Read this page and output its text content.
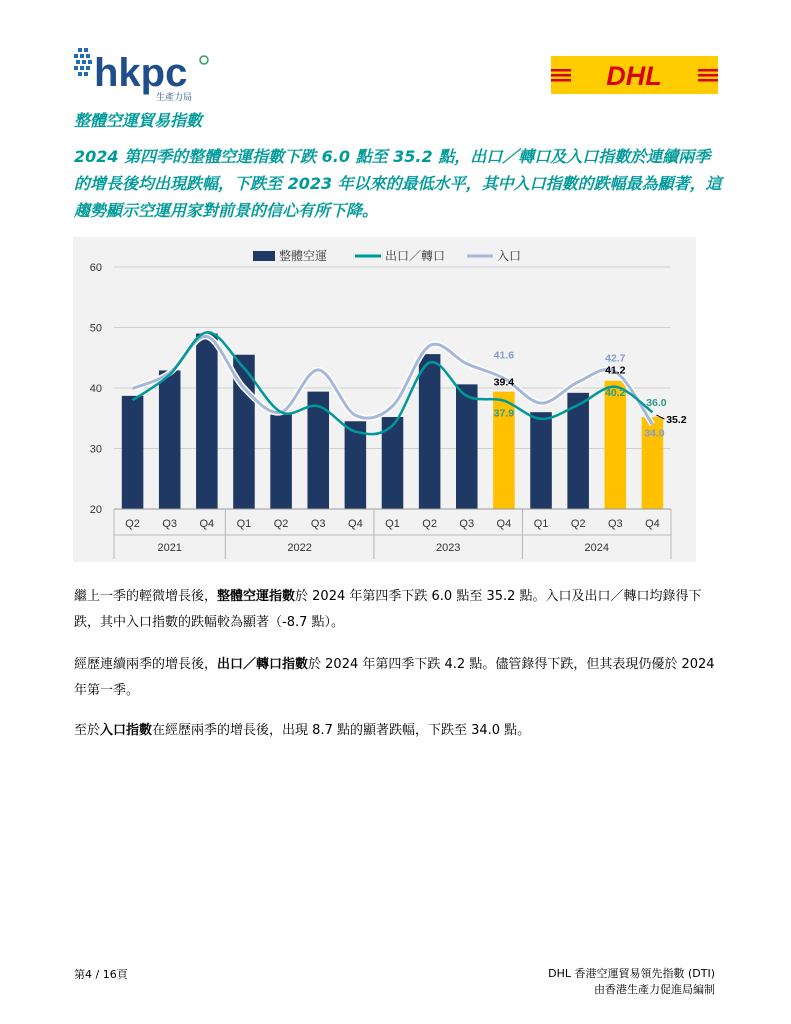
hkpc
生產力局
DHL
整體空運貿易指數
2024 第四季的整體空運指數下跌 6.0 點至 35.2 點，出口／轉口及入口指數於連續兩季的增長後均出現跌幅，下跌至 2023 年以來的最低水平，其中入口指數的跌幅最為顯著，這趨勢顯示空運用家對前景的信心有所下降。
20
30
40
50
60
Q2 Q3 Q4 Q1 Q2 Q3 Q4 Q1 Q2 Q3 Q4 Q1 Q2 Q3 Q4
2021	2022	2023	2024
整體空運	出口／轉口	入口
41.6
39.4
37.9
42.7
41.2
40.2
36.0
35.2
34.0
繼上一季的輕微增長後，整體空運指數於 2024 年第四季下跌 6.0 點至 35.2 點。入口及出口／轉口均錄得下跌，其中入口指數的跌幅較為顯著（-8.7 點）。
經歷連續兩季的增長後，出口／轉口指數於 2024 年第四季下跌 4.2 點。儘管錄得下跌，但其表現仍優於 2024 年第一季。
至於入口指數在經歷兩季的增長後，出現 8.7 點的顯著跌幅，下跌至 34.0 點。
第4 / 16頁	DHL 香港空運貿易領先指數 (DTI)
由香港生產力促進局編制
